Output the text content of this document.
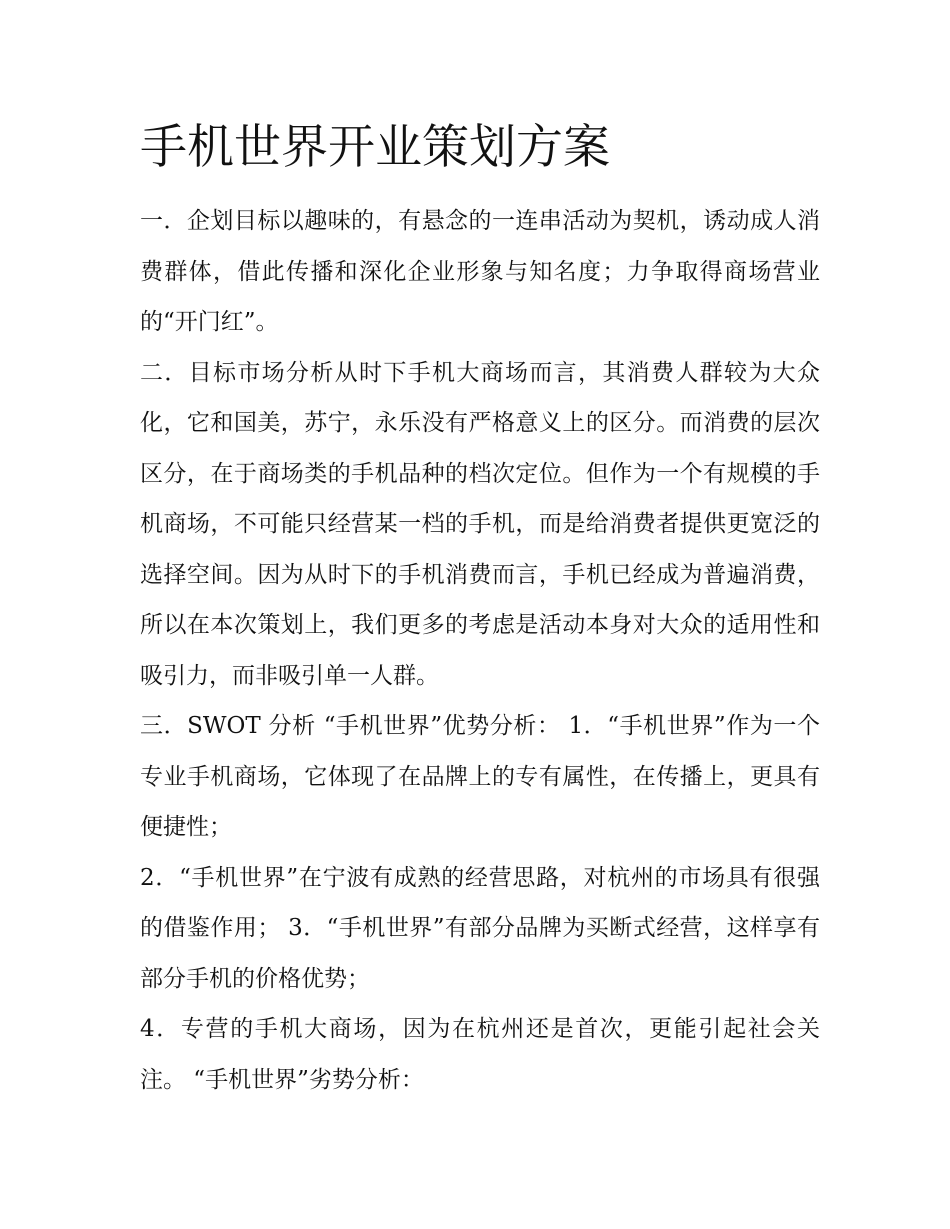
手机世界开业策划方案

一．企划目标以趣味的，有悬念的一连串活动为契机，诱动成人消费群体，借此传播和深化企业形象与知名度；力争取得商场营业的“开门红”。

二．目标市场分析从时下手机大商场而言，其消费人群较为大众化，它和国美，苏宁，永乐没有严格意义上的区分。而消费的层次区分，在于商场类的手机品种的档次定位。但作为一个有规模的手机商场，不可能只经营某一档的手机，而是给消费者提供更宽泛的选择空间。因为从时下的手机消费而言，手机已经成为普遍消费，所以在本次策划上，我们更多的考虑是活动本身对大众的适用性和吸引力，而非吸引单一人群。

三．SWOT 分析 “手机世界”优势分析： 1．“手机世界”作为一个专业手机商场，它体现了在品牌上的专有属性，在传播上，更具有便捷性；

2．“手机世界”在宁波有成熟的经营思路，对杭州的市场具有很强的借鉴作用； 3．“手机世界”有部分品牌为买断式经营，这样享有部分手机的价格优势；

4．专营的手机大商场，因为在杭州还是首次，更能引起社会关注。 “手机世界”劣势分析：
